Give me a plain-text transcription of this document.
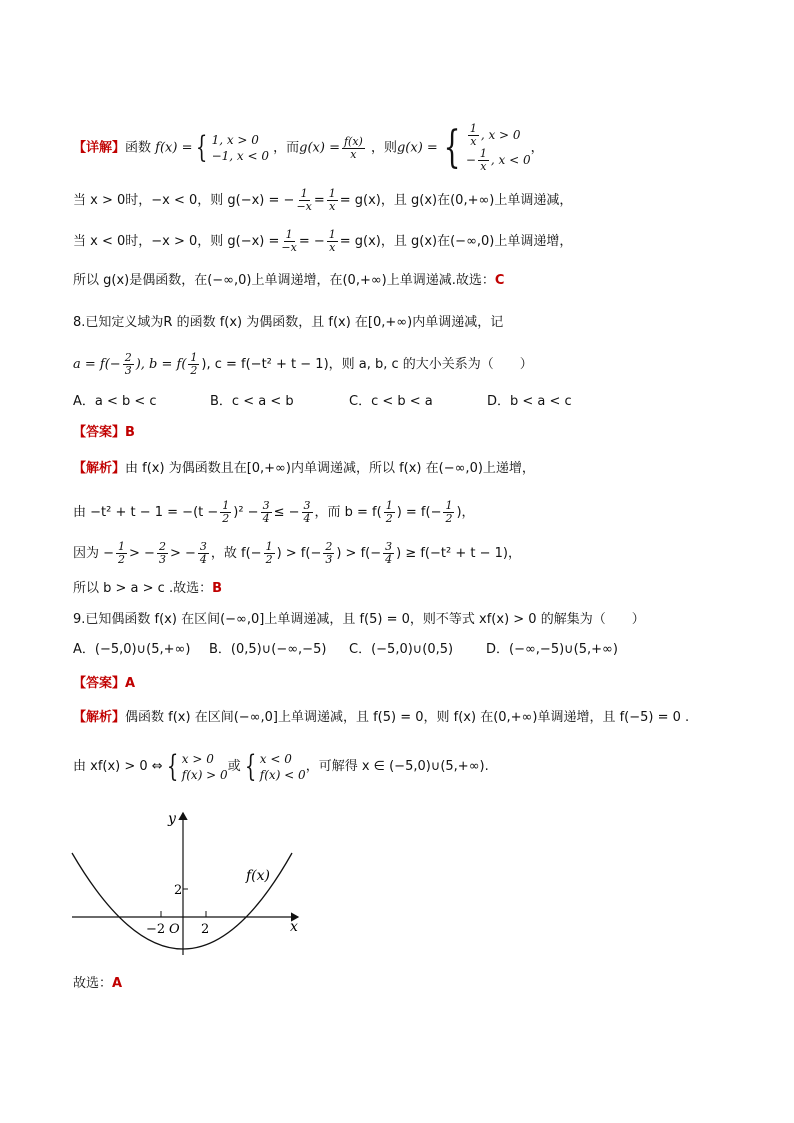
【详解】函数 f(x) = { 1, x > 0
−1, x < 0
，而$g(x) = \frac{f(x)}{x}$ ，则g(x) = { $\frac{1}{x}$ , x > 0
− $\frac{1}{x}$ , x < 0
，
当 x > 0时，−x < 0，则 g(−x) = − $\frac{1}{-x} = \frac{1}{x} = g(x)$，且 g(x)在(0,+∞)上单调递减，
当 x < 0时，−x > 0，则 $g(-x) = \frac{1}{-x}$ = − $\frac{1}{x} = g(x)$，且 g(x)在(−∞,0)上单调递增，
所以 g(x)是偶函数，在(−∞,0)上单调递增，在(0,+∞)上单调递减.故选：C
8.已知定义域为R 的函数 f(x) 为偶函数，且 f(x) 在[0,+∞)内单调递减，记
$a = f(- \frac{2}{3}$ ), $b = f( \frac{1}{2}$ ), c = f(−t² + t − 1)，则 a, b, c 的大小关系为（　　）
A．a < b < c	B．c < a < b	C．c < b < a	D．b < a < c
【答案】B
【解析】由 f(x) 为偶函数且在[0,+∞)内单调递减，所以 f(x) 在(−∞,0)上递增，
由 $-t^2 + t - 1 = -(t - \frac{1}{2} )^2 - \frac{3}{4}$ ≤ − $\frac{3}{4}$ ，而 $b = f( \frac{1}{2}$ ) = $f(- \frac{1}{2}$ )，
因为 − $\frac{1}{2}$ > − $\frac{2}{3}$ > − $\frac{3}{4}$ ，故 $f(- \frac{1}{2}$ ) > $f(- \frac{2}{3}$ ) > $f(- \frac{3}{4}$ ) ≥ f(−t² + t − 1)，
所以 b > a > c .故选：B
9.已知偶函数 f(x) 在区间(−∞,0]上单调递减，且 f(5) = 0，则不等式 xf(x) > 0 的解集为（　　）
A．(−5,0)∪(5,+∞) B．(0,5)∪(−∞,−5) C．(−5,0)∪(0,5)	D．(−∞,−5)∪(5,+∞)
【答案】A
【解析】偶函数 f(x) 在区间(−∞,0]上单调递减，且 f(5) = 0，则 f(x) 在(0,+∞)单调递增，且 f(−5) = 0 .
由 xf(x) > 0 ⇔ { x > 0
f(x) > 0
或 { x < 0
f(x) < 0
，可解得 x ∈ (−5,0)∪(5,+∞).
y
x
O
2
−2	2
f(x)
故选：A
